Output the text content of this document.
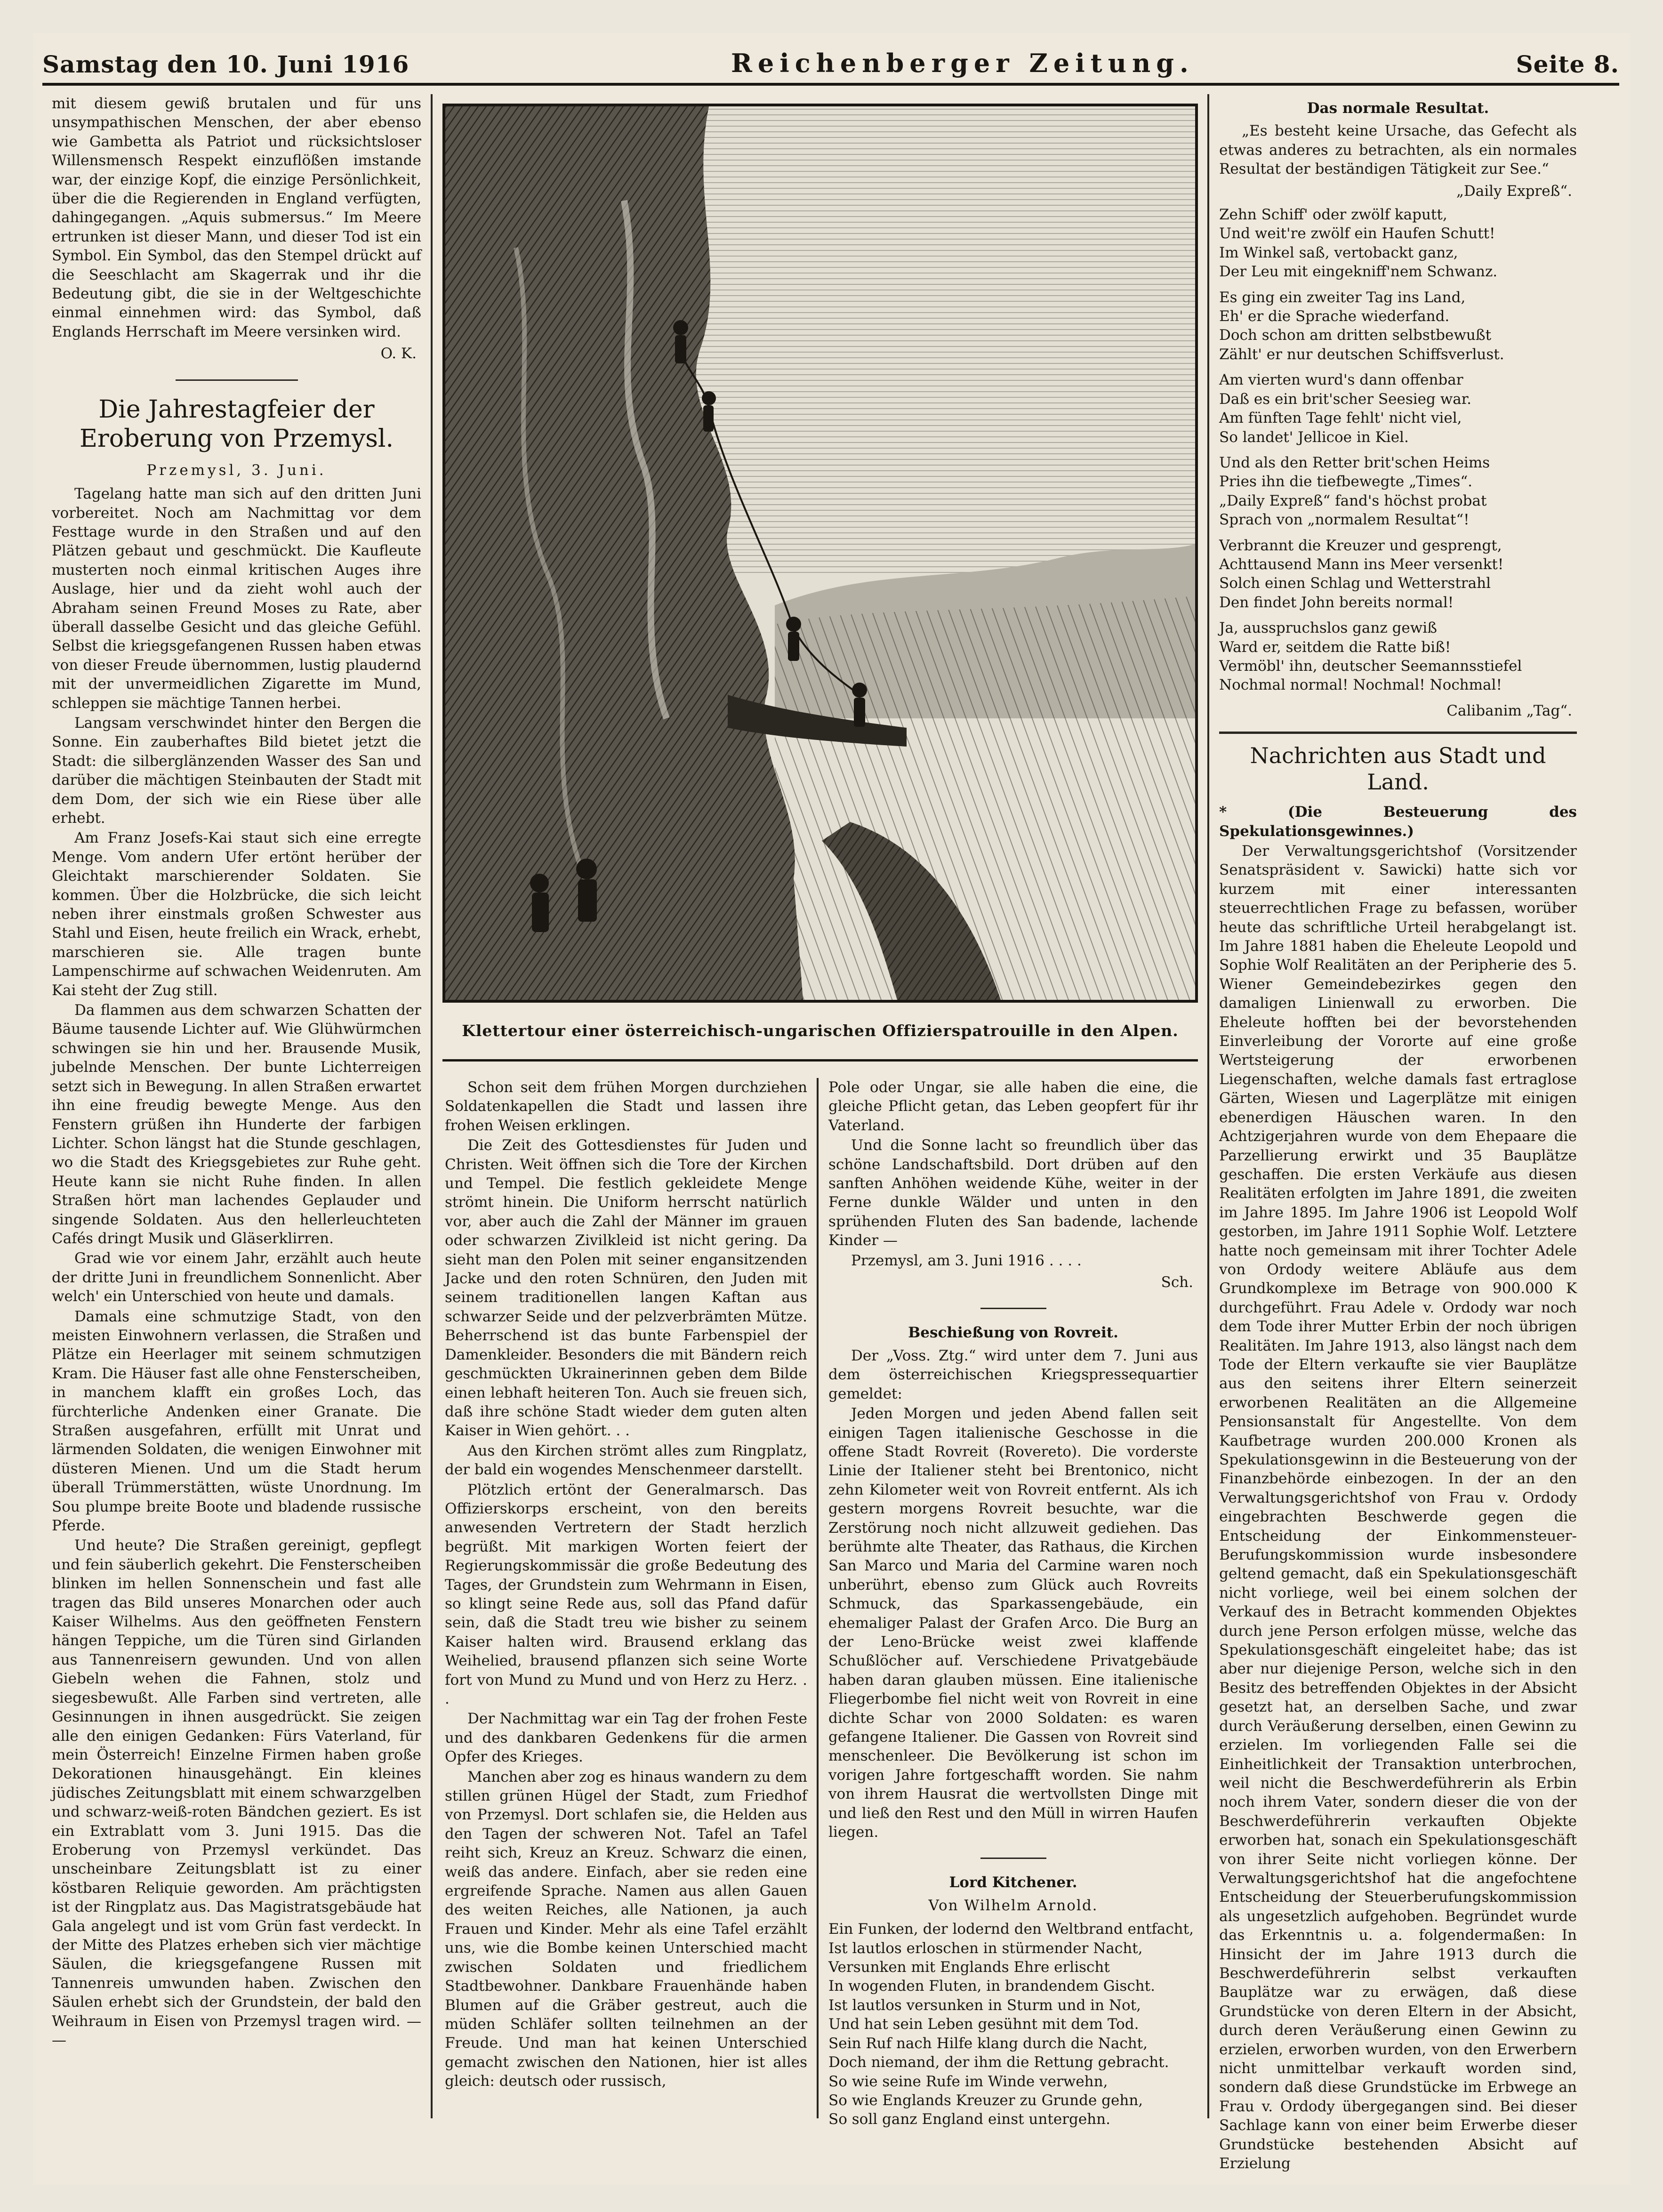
Samstag den 10. Juni 1916	Reichenberger Zeitung.	Seite 8.

mit diesem gewiß brutalen und für uns unsympathischen Menschen, der aber ebenso wie Gambetta als Patriot und rücksichtsloser Willensmensch Respekt einzuflößen imstande war, der einzige Kopf, die einzige Persönlichkeit, über die die Regierenden in England verfügten, dahingegangen. „Aquis submersus.“ Im Meere ertrunken ist dieser Mann, und dieser Tod ist ein Symbol. Ein Symbol, das den Stempel drückt auf die Seeschlacht am Skagerrak und ihr die Bedeutung gibt, die sie in der Weltgeschichte einmal einnehmen wird: das Symbol, daß Englands Herrschaft im Meere versinken wird.

O. K.
Die Jahrestagfeier der Eroberung von Przemysl.
Przemysl, 3. Juni.

Tagelang hatte man sich auf den dritten Juni vorbereitet. Noch am Nachmittag vor dem Festtage wurde in den Straßen und auf den Plätzen gebaut und geschmückt. Die Kaufleute musterten noch einmal kritischen Auges ihre Auslage, hier und da zieht wohl auch der Abraham seinen Freund Moses zu Rate, aber überall dasselbe Gesicht und das gleiche Gefühl. Selbst die kriegsgefangenen Russen haben etwas von dieser Freude übernommen, lustig plaudernd mit der unvermeidlichen Zigarette im Mund, schleppen sie mächtige Tannen herbei.

Langsam verschwindet hinter den Bergen die Sonne. Ein zauberhaftes Bild bietet jetzt die Stadt: die silberglänzenden Wasser des San und darüber die mächtigen Steinbauten der Stadt mit dem Dom, der sich wie ein Riese über alle erhebt.

Am Franz Josefs-Kai staut sich eine erregte Menge. Vom andern Ufer ertönt herüber der Gleichtakt marschierender Soldaten. Sie kommen. Über die Holzbrücke, die sich leicht neben ihrer einstmals großen Schwester aus Stahl und Eisen, heute freilich ein Wrack, erhebt, marschieren sie. Alle tragen bunte Lampenschirme auf schwachen Weidenruten. Am Kai steht der Zug still.

Da flammen aus dem schwarzen Schatten der Bäume tausende Lichter auf. Wie Glühwürmchen schwingen sie hin und her. Brausende Musik, jubelnde Menschen. Der bunte Lichterreigen setzt sich in Bewegung. In allen Straßen erwartet ihn eine freudig bewegte Menge. Aus den Fenstern grüßen ihn Hunderte der farbigen Lichter. Schon längst hat die Stunde geschlagen, wo die Stadt des Kriegsgebietes zur Ruhe geht. Heute kann sie nicht Ruhe finden. In allen Straßen hört man lachendes Geplauder und singende Soldaten. Aus den hellerleuchteten Cafés dringt Musik und Gläserklirren.

Grad wie vor einem Jahr, erzählt auch heute der dritte Juni in freundlichem Sonnenlicht. Aber welch' ein Unterschied von heute und damals.

Damals eine schmutzige Stadt, von den meisten Einwohnern verlassen, die Straßen und Plätze ein Heerlager mit seinem schmutzigen Kram. Die Häuser fast alle ohne Fensterscheiben, in manchem klafft ein großes Loch, das fürchterliche Andenken einer Granate. Die Straßen ausgefahren, erfüllt mit Unrat und lärmenden Soldaten, die wenigen Einwohner mit düsteren Mienen. Und um die Stadt herum überall Trümmerstätten, wüste Unordnung. Im Sou plumpe breite Boote und bladende russische Pferde.

Und heute? Die Straßen gereinigt, gepflegt und fein säuberlich gekehrt. Die Fensterscheiben blinken im hellen Sonnenschein und fast alle tragen das Bild unseres Monarchen oder auch Kaiser Wilhelms. Aus den geöffneten Fenstern hängen Teppiche, um die Türen sind Girlanden aus Tannenreisern gewunden. Und von allen Giebeln wehen die Fahnen, stolz und siegesbewußt. Alle Farben sind vertreten, alle Gesinnungen in ihnen ausgedrückt. Sie zeigen alle den einigen Gedanken: Fürs Vaterland, für mein Österreich! Einzelne Firmen haben große Dekorationen hinausgehängt. Ein kleines jüdisches Zeitungsblatt mit einem schwarzgelben und schwarz-weiß-roten Bändchen geziert. Es ist ein Extrablatt vom 3. Juni 1915. Das die Eroberung von Przemysl verkündet. Das unscheinbare Zeitungsblatt ist zu einer köstbaren Reliquie geworden. Am prächtigsten ist der Ringplatz aus. Das Magistratsgebäude hat Gala angelegt und ist vom Grün fast verdeckt. In der Mitte des Platzes erheben sich vier mächtige Säulen, die kriegsgefangene Russen mit Tannenreis umwunden haben. Zwischen den Säulen erhebt sich der Grundstein, der bald den Weihraum in Eisen von Przemysl tragen wird. — —

Klettertour einer österreichisch-ungarischen Offizierspatrouille in den Alpen.

Schon seit dem frühen Morgen durchziehen Soldatenkapellen die Stadt und lassen ihre frohen Weisen erklingen.

Die Zeit des Gottesdienstes für Juden und Christen. Weit öffnen sich die Tore der Kirchen und Tempel. Die festlich gekleidete Menge strömt hinein. Die Uniform herrscht natürlich vor, aber auch die Zahl der Männer im grauen oder schwarzen Zivilkleid ist nicht gering. Da sieht man den Polen mit seiner engansitzenden Jacke und den roten Schnüren, den Juden mit seinem traditionellen langen Kaftan aus schwarzer Seide und der pelzverbrämten Mütze. Beherrschend ist das bunte Farbenspiel der Damenkleider. Besonders die mit Bändern reich geschmückten Ukrainerinnen geben dem Bilde einen lebhaft heiteren Ton. Auch sie freuen sich, daß ihre schöne Stadt wieder dem guten alten Kaiser in Wien gehört. . .

Aus den Kirchen strömt alles zum Ringplatz, der bald ein wogendes Menschenmeer darstellt.

Plötzlich ertönt der Generalmarsch. Das Offizierskorps erscheint, von den bereits anwesenden Vertretern der Stadt herzlich begrüßt. Mit markigen Worten feiert der Regierungskommissär die große Bedeutung des Tages, der Grundstein zum Wehrmann in Eisen, so klingt seine Rede aus, soll das Pfand dafür sein, daß die Stadt treu wie bisher zu seinem Kaiser halten wird. Brausend erklang das Weihelied, brausend pflanzen sich seine Worte fort von Mund zu Mund und von Herz zu Herz. . .

Der Nachmittag war ein Tag der frohen Feste und des dankbaren Gedenkens für die armen Opfer des Krieges.

Manchen aber zog es hinaus wandern zu dem stillen grünen Hügel der Stadt, zum Friedhof von Przemysl. Dort schlafen sie, die Helden aus den Tagen der schweren Not. Tafel an Tafel reiht sich, Kreuz an Kreuz. Schwarz die einen, weiß das andere. Einfach, aber sie reden eine ergreifende Sprache. Namen aus allen Gauen des weiten Reiches, alle Nationen, ja auch Frauen und Kinder. Mehr als eine Tafel erzählt uns, wie die Bombe keinen Unterschied macht zwischen Soldaten und friedlichem Stadtbewohner. Dankbare Frauenhände haben Blumen auf die Gräber gestreut, auch die müden Schläfer sollten teilnehmen an der Freude. Und man hat keinen Unterschied gemacht zwischen den Nationen, hier ist alles gleich: deutsch oder russisch,

Pole oder Ungar, sie alle haben die eine, die gleiche Pflicht getan, das Leben geopfert für ihr Vaterland.

Und die Sonne lacht so freundlich über das schöne Landschaftsbild. Dort drüben auf den sanften Anhöhen weidende Kühe, weiter in der Ferne dunkle Wälder und unten in den sprühenden Fluten des San badende, lachende Kinder —

Przemysl, am 3. Juni 1916 . . . .

Sch.
Beschießung von Rovreit.

Der „Voss. Ztg.“ wird unter dem 7. Juni aus dem österreichischen Kriegspressequartier gemeldet:

Jeden Morgen und jeden Abend fallen seit einigen Tagen italienische Geschosse in die offene Stadt Rovreit (Rovereto). Die vorderste Linie der Italiener steht bei Brentonico, nicht zehn Kilometer weit von Rovreit entfernt. Als ich gestern morgens Rovreit besuchte, war die Zerstörung noch nicht allzuweit gediehen. Das berühmte alte Theater, das Rathaus, die Kirchen San Marco und Maria del Carmine waren noch unberührt, ebenso zum Glück auch Rovreits Schmuck, das Sparkassengebäude, ein ehemaliger Palast der Grafen Arco. Die Burg an der Leno-Brücke weist zwei klaffende Schußlöcher auf. Verschiedene Privatgebäude haben daran glauben müssen. Eine italienische Fliegerbombe fiel nicht weit von Rovreit in eine dichte Schar von 2000 Soldaten: es waren gefangene Italiener. Die Gassen von Rovreit sind menschenleer. Die Bevölkerung ist schon im vorigen Jahre fortgeschafft worden. Sie nahm von ihrem Hausrat die wertvollsten Dinge mit und ließ den Rest und den Müll in wirren Haufen liegen.

Lord Kitchener.
Von Wilhelm Arnold.
Ein Funken, der lodernd den Weltbrand entfacht,
Ist lautlos erloschen in stürmender Nacht,
Versunken mit Englands Ehre erlischt
In wogenden Fluten, in brandendem Gischt.
Ist lautlos versunken in Sturm und in Not,
Und hat sein Leben gesühnt mit dem Tod.
Sein Ruf nach Hilfe klang durch die Nacht,
Doch niemand, der ihm die Rettung gebracht.
So wie seine Rufe im Winde verwehn,
So wie Englands Kreuzer zu Grunde gehn,
So soll ganz England einst untergehn.
Das normale Resultat.

„Es besteht keine Ursache, das Gefecht als etwas anderes zu betrachten, als ein normales Resultat der beständigen Tätigkeit zur See.“

„Daily Expreß“.
Zehn Schiff' oder zwölf kaputt,
Und weit're zwölf ein Haufen Schutt!
Im Winkel saß, vertobackt ganz,
Der Leu mit eingekniff'nem Schwanz.
Es ging ein zweiter Tag ins Land,
Eh' er die Sprache wiederfand.
Doch schon am dritten selbstbewußt
Zählt' er nur deutschen Schiffsverlust.
Am vierten wurd's dann offenbar
Daß es ein brit'scher Seesieg war.
Am fünften Tage fehlt' nicht viel,
So landet' Jellicoe in Kiel.
Und als den Retter brit'schen Heims
Pries ihn die tiefbewegte „Times“.
„Daily Expreß“ fand's höchst probat
Sprach von „normalem Resultat“!
Verbrannt die Kreuzer und gesprengt,
Achttausend Mann ins Meer versenkt!
Solch einen Schlag und Wetterstrahl
Den findet John bereits normal!
Ja, ausspruchslos ganz gewiß
Ward er, seitdem die Ratte biß!
Vermöbl' ihn, deutscher Seemannsstiefel
Nochmal normal! Nochmal! Nochmal!
Calibanim „Tag“.
Nachrichten aus Stadt und Land.

* (Die Besteuerung des Spekulationsgewinnes.)

Der Verwaltungsgerichtshof (Vorsitzender Senatspräsident v. Sawicki) hatte sich vor kurzem mit einer interessanten steuerrechtlichen Frage zu befassen, worüber heute das schriftliche Urteil herabgelangt ist. Im Jahre 1881 haben die Eheleute Leopold und Sophie Wolf Realitäten an der Peripherie des 5. Wiener Gemeindebezirkes gegen den damaligen Linienwall zu erworben. Die Eheleute hofften bei der bevorstehenden Einverleibung der Vororte auf eine große Wertsteigerung der erworbenen Liegenschaften, welche damals fast ertraglose Gärten, Wiesen und Lagerplätze mit einigen ebenerdigen Häuschen waren. In den Achtzigerjahren wurde von dem Ehepaare die Parzellierung erwirkt und 35 Bauplätze geschaffen. Die ersten Verkäufe aus diesen Realitäten erfolgten im Jahre 1891, die zweiten im Jahre 1895. Im Jahre 1906 ist Leopold Wolf gestorben, im Jahre 1911 Sophie Wolf. Letztere hatte noch gemeinsam mit ihrer Tochter Adele von Ordody weitere Abläufe aus dem Grundkomplexe im Betrage von 900.000 K durchgeführt. Frau Adele v. Ordody war noch dem Tode ihrer Mutter Erbin der noch übrigen Realitäten. Im Jahre 1913, also längst nach dem Tode der Eltern verkaufte sie vier Bauplätze aus den seitens ihrer Eltern seinerzeit erworbenen Realitäten an die Allgemeine Pensionsanstalt für Angestellte. Von dem Kaufbetrage wurden 200.000 Kronen als Spekulationsgewinn in die Besteuerung von der Finanzbehörde einbezogen. In der an den Verwaltungsgerichtshof von Frau v. Ordody eingebrachten Beschwerde gegen die Entscheidung der Einkommensteuer-Berufungskommission wurde insbesondere geltend gemacht, daß ein Spekulationsgeschäft nicht vorliege, weil bei einem solchen der Verkauf des in Betracht kommenden Objektes durch jene Person erfolgen müsse, welche das Spekulationsgeschäft eingeleitet habe; das ist aber nur diejenige Person, welche sich in den Besitz des betreffenden Objektes in der Absicht gesetzt hat, an derselben Sache, und zwar durch Veräußerung derselben, einen Gewinn zu erzielen. Im vorliegenden Falle sei die Einheitlichkeit der Transaktion unterbrochen, weil nicht die Beschwerdeführerin als Erbin noch ihrem Vater, sondern dieser die von der Beschwerdeführerin verkauften Objekte erworben hat, sonach ein Spekulationsgeschäft von ihrer Seite nicht vorliegen könne. Der Verwaltungsgerichtshof hat die angefochtene Entscheidung der Steuerberufungskommission als ungesetzlich aufgehoben. Begründet wurde das Erkenntnis u. a. folgendermaßen: In Hinsicht der im Jahre 1913 durch die Beschwerdeführerin selbst verkauften Bauplätze war zu erwägen, daß diese Grundstücke von deren Eltern in der Absicht, durch deren Veräußerung einen Gewinn zu erzielen, erworben wurden, von den Erwerbern nicht unmittelbar verkauft worden sind, sondern daß diese Grundstücke im Erbwege an Frau v. Ordody übergegangen sind. Bei dieser Sachlage kann von einer beim Erwerbe dieser Grundstücke bestehenden Absicht auf Erzielung
